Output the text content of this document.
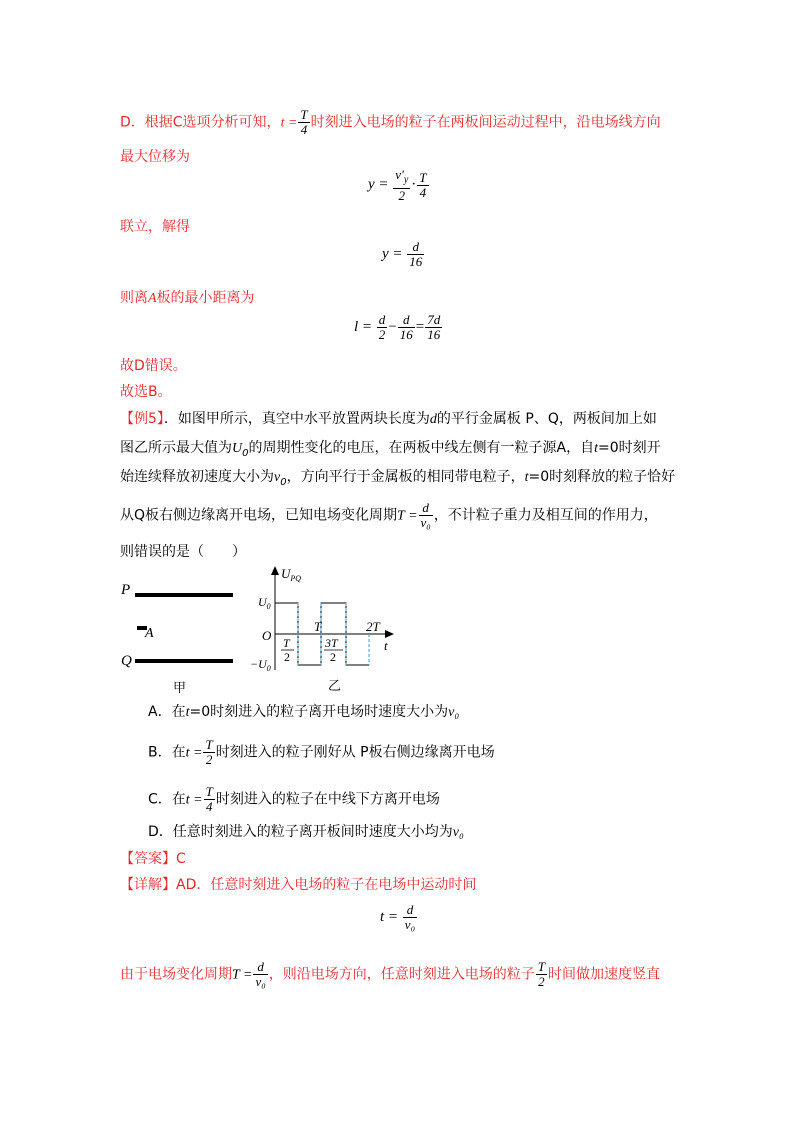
D．根据C选项分析可知，$t = \frac{T}{4}$ 时刻进入电场的粒子在两板间运动过程中，沿电场线方向
最大位移为
$y = \frac{v'_y}{2} \cdot \frac{T}{4}$
联立，解得
$y = \frac{d}{16}$
则离A板的最小距离为
$l = \frac{d}{2} - \frac{d}{16} = \frac{7d}{16}$
故D错误。
故选B。
【例5】．如图甲所示，真空中水平放置两块长度为d的平行金属板 P、Q，两板间加上如
图乙所示最大值为$U_0$的周期性变化的电压，在两板中线左侧有一粒子源A，自t=0时刻开
始连续释放初速度大小为$v_0$，方向平行于金属板的相同带电粒子，t=0时刻释放的粒子恰好
从Q板右侧边缘离开电场，已知电场变化周期$T = \frac{d}{\text{v₀}}$ ，不计粒子重力及相互间的作用力，
则错误的是（　　）
P
A
Q
甲
$U_{PQ}$
$U_0$
O
$-U_0$
T	2T
t
T
2
3T
2
乙
A．在t=0时刻进入的粒子离开电场时速度大小为v₀
B．在$t = \frac{T}{2}$ 时刻进入的粒子刚好从 P板右侧边缘离开电场
C．在$t = \frac{T}{4}$ 时刻进入的粒子在中线下方离开电场
D．任意时刻进入的粒子离开板间时速度大小均为v₀
【答案】C
【详解】AD．任意时刻进入电场的粒子在电场中运动时间
$t = \frac{d}{\text{v₀}}$
由于电场变化周期$T = \frac{d}{\text{v₀}}$ ，则沿电场方向，任意时刻进入电场的粒子 $\frac{T}{2}$ 时间做加速度竖直
